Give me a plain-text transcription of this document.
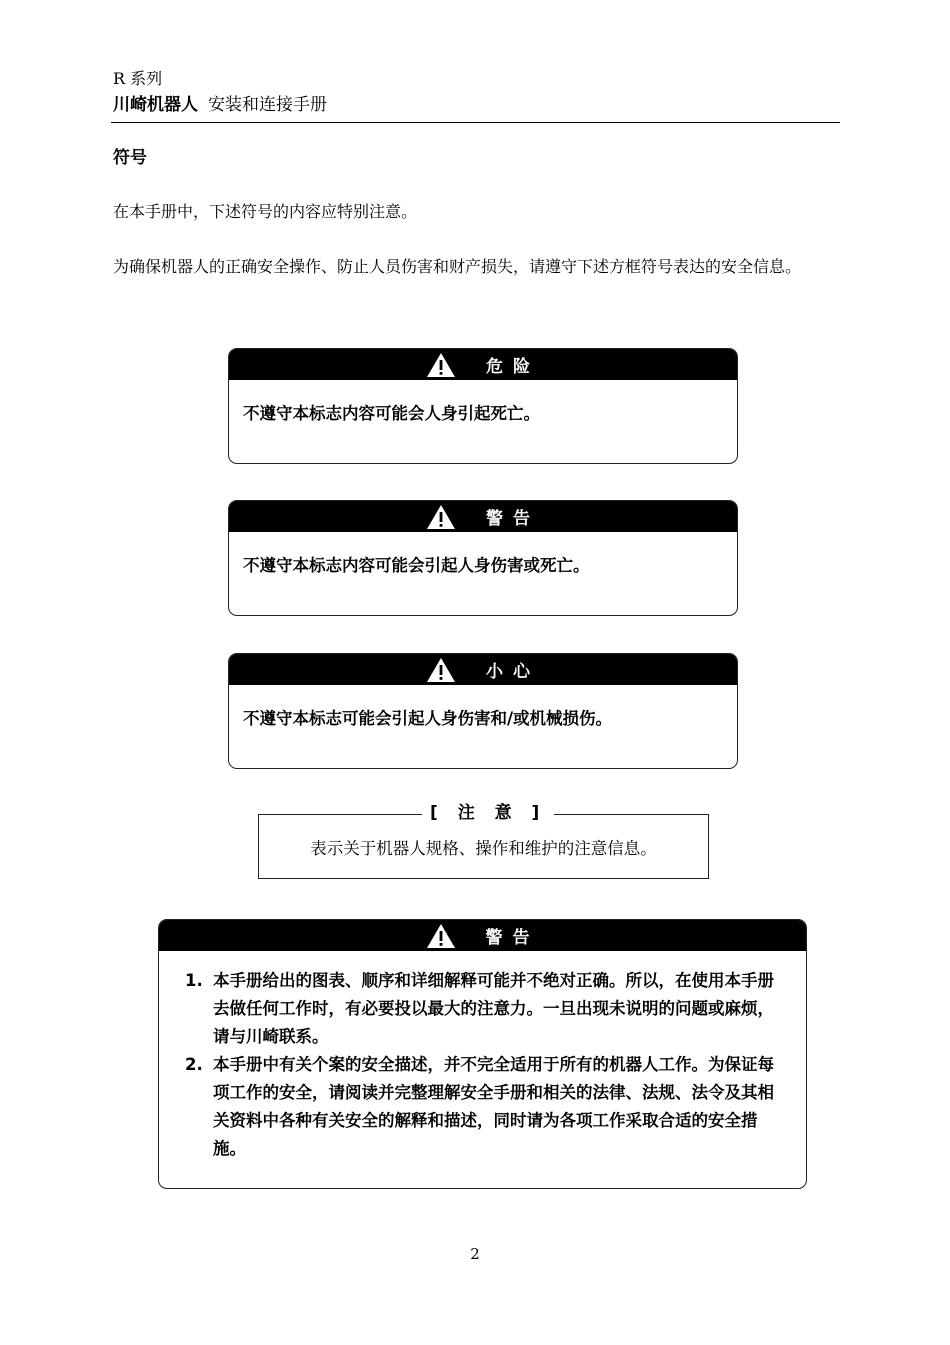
R 系列
川崎机器人 安装和连接手册
符号
在本手册中，下述符号的内容应特别注意。
为确保机器人的正确安全操作、防止人员伤害和财产损失，请遵守下述方框符号表达的安全信息。
危险
不遵守本标志内容可能会人身引起死亡。
警告
不遵守本标志内容可能会引起人身伤害或死亡。
小心
不遵守本标志可能会引起人身伤害和/或机械损伤。
[ 注 意 ]
表示关于机器人规格、操作和维护的注意信息。
警告
1. 本手册给出的图表、顺序和详细解释可能并不绝对正确。所以，在使用本手册去做任何工作时，有必要投以最大的注意力。一旦出现未说明的问题或麻烦，请与川崎联系。
2. 本手册中有关个案的安全描述，并不完全适用于所有的机器人工作。为保证每项工作的安全，请阅读并完整理解安全手册和相关的法律、法规、法令及其相关资料中各种有关安全的解释和描述，同时请为各项工作采取合适的安全措施。
2
